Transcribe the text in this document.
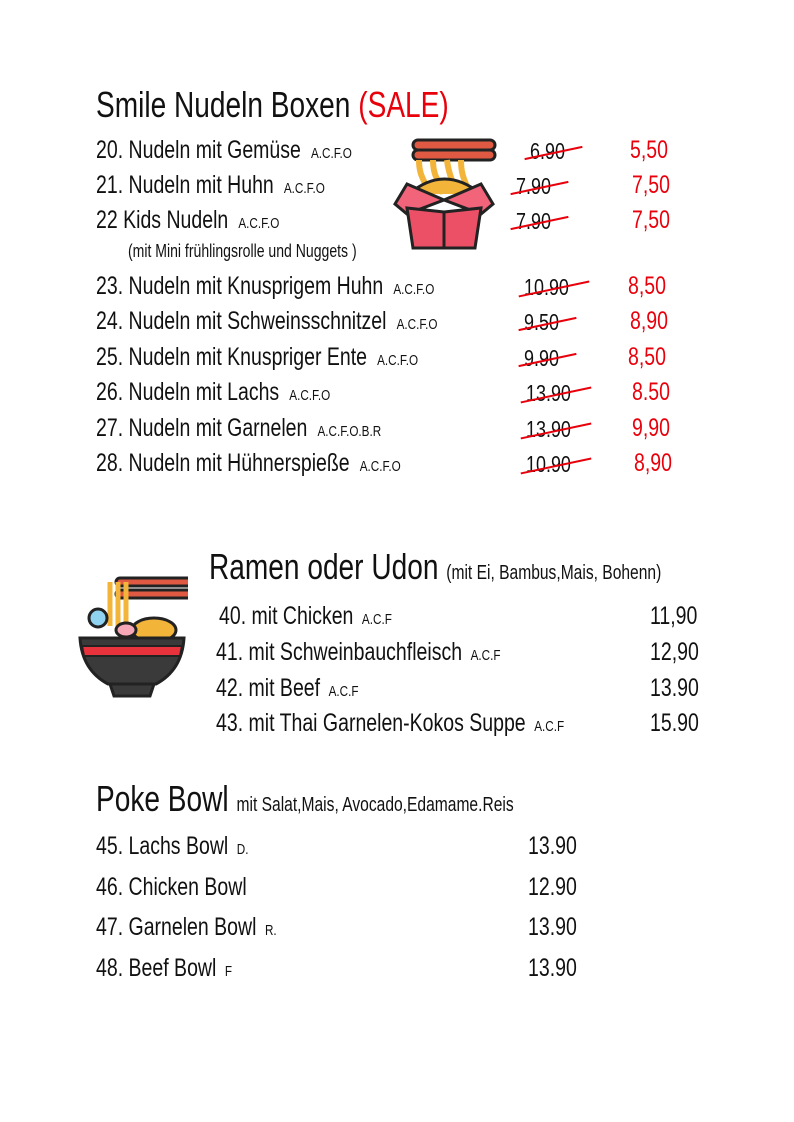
Smile Nudeln Boxen (SALE)
20. Nudeln mit Gemüse A.C.F.O	6.90	5,50
21. Nudeln mit Huhn A.C.F.O	7.90	7,50
22 Kids Nudeln A.C.F.O	7.90	7,50
23. Nudeln mit Knusprigem Huhn A.C.F.O	10.90	8,50
24. Nudeln mit Schweinsschnitzel A.C.F.O	9.50	8,90
25. Nudeln mit Knuspriger Ente A.C.F.O	9.90	8,50
26. Nudeln mit Lachs A.C.F.O	13.90	8.50
27. Nudeln mit Garnelen A.C.F.O.B.R	13.90	9,90
28. Nudeln mit Hühnerspieße A.C.F.O	10.90	8,90
(mit Mini frühlingsrolle und Nuggets )
Ramen oder Udon (mit Ei, Bambus,Mais, Bohenn)
40. mit Chicken A.C.F	11,90
41. mit Schweinbauchfleisch A.C.F	12,90
42. mit Beef A.C.F	13.90
43. mit Thai Garnelen-Kokos Suppe A.C.F	15.90
Poke Bowl mit Salat,Mais, Avocado,Edamame.Reis
45. Lachs Bowl D.	13.90
46. Chicken Bowl	12.90
47. Garnelen Bowl R.	13.90
48. Beef Bowl F	13.90
